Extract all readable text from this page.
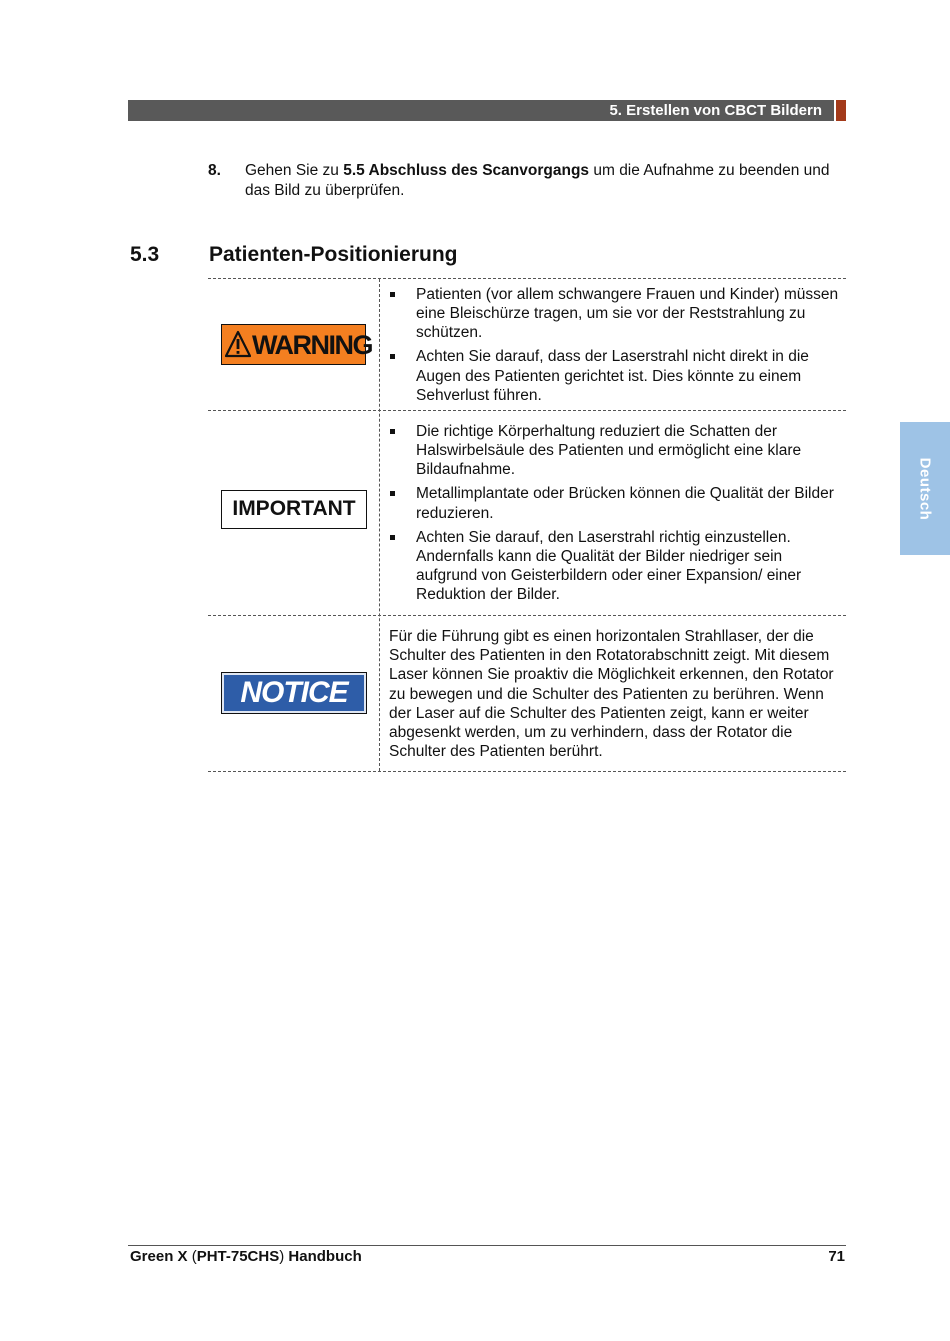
5. Erstellen von CBCT Bildern
8. Gehen Sie zu 5.5 Abschluss des Scanvorgangs um die Aufnahme zu beenden und das Bild zu überprüfen.
5.3 Patienten-Positionierung
WARNING
Patienten (vor allem schwangere Frauen und Kinder) müssen eine Bleischürze tragen, um sie vor der Reststrahlung zu schützen.
Achten Sie darauf, dass der Laserstrahl nicht direkt in die Augen des Patienten gerichtet ist. Dies könnte zu einem Sehverlust führen.
IMPORTANT
Die richtige Körperhaltung reduziert die Schatten der Halswirbelsäule des Patienten und ermöglicht eine klare Bildaufnahme.
Metallimplantate oder Brücken können die Qualität der Bilder reduzieren.
Achten Sie darauf, den Laserstrahl richtig einzustellen. Andernfalls kann die Qualität der Bilder niedriger sein aufgrund von Geisterbildern oder einer Expansion/ einer Reduktion der Bilder.
NOTICE
Für die Führung gibt es einen horizontalen Strahllaser, der die Schulter des Patienten in den Rotatorabschnitt zeigt. Mit diesem Laser können Sie proaktiv die Möglichkeit erkennen, den Rotator zu bewegen und die Schulter des Patienten zu berühren. Wenn der Laser auf die Schulter des Patienten zeigt, kann er weiter abgesenkt werden, um zu verhindern, dass der Rotator die Schulter des Patienten berührt.
Deutsch
Green X (PHT-75CHS) Handbuch	71
